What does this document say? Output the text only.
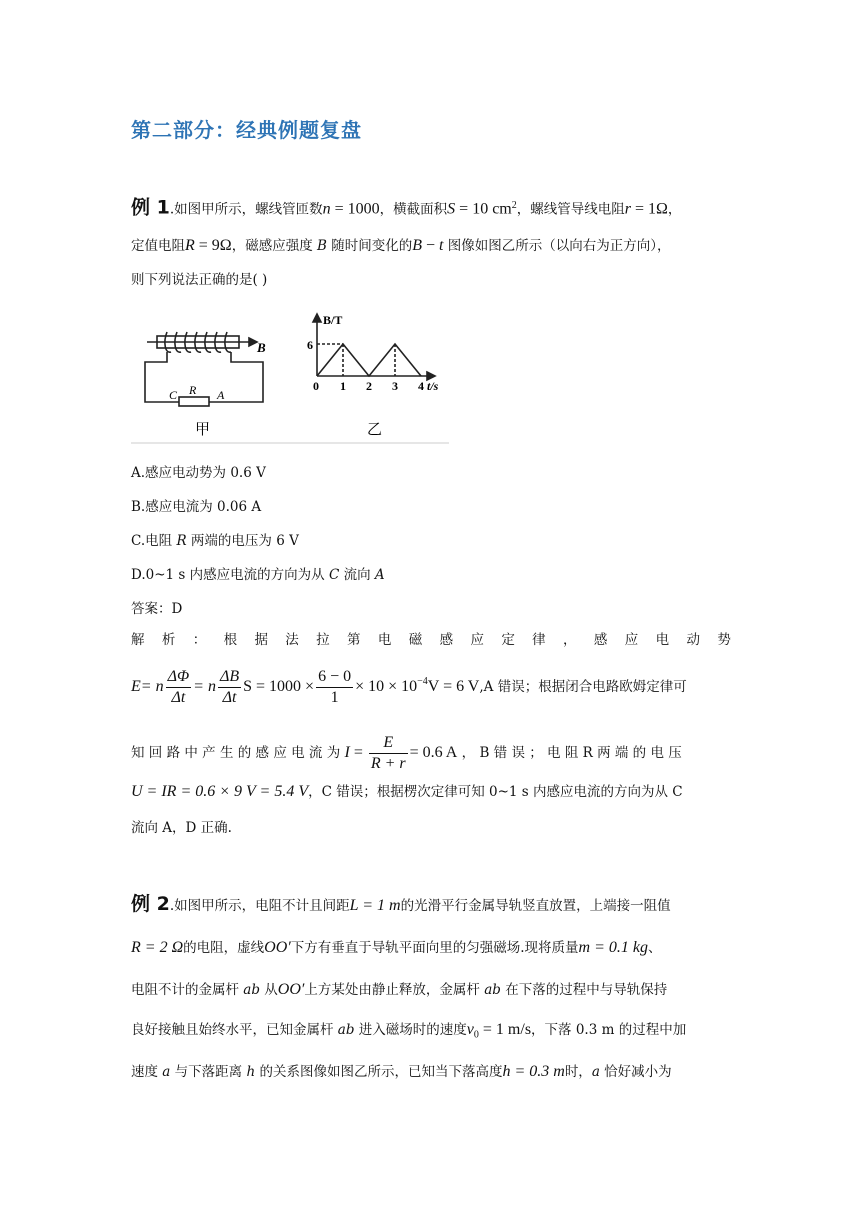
第二部分：经典例题复盘
例 1.如图甲所示，螺线管匝数n = 1000，横截面积S = 10 $cm^2$，螺线管导线电阻r = 1Ω，
定值电阻R = 9Ω，磁感应强度 B 随时间变化的B − t 图像如图乙所示（以向右为正方向），
则下列说法正确的是( )
B
R
C	A
甲
B/T
6
0 1 2 3 4 t/s
乙
A.感应电动势为 0.6 V
B.感应电流为 0.06 A
C.电阻 R 两端的电压为 6 V
D.0~1 s 内感应电流的方向为从 C 流向 A
答案：D
解 析 ： 根 据 法 拉 第 电 磁 感 应 定 律 ， 感 应 电 动 势
E = n $\frac{\Delta\Phi}{\Delta t} = n \frac{\Delta B}{\Delta t}$ $S = 1000 \times \frac{6 - 0}{1} \times 10 \times 10^{-4}$ V = 6 V ,A 错误；根据闭合电路欧姆定律可
知 回 路 中 产 生 的 感 应 电 流 为 $I = \frac{E}{R + r} = 0.6$ A ， B 错 误 ； 电 阻 R 两 端 的 电 压
U = IR = 0.6 × 9 V = 5.4 V，C 错误；根据楞次定律可知 0~1 s 内感应电流的方向为从 C
流向 A，D 正确.
例 2.如图甲所示，电阻不计且间距L = 1 m的光滑平行金属导轨竖直放置，上端接一阻值
R = 2 Ω的电阻，虚线OO′下方有垂直于导轨平面向里的匀强磁场.现将质量m = 0.1 kg、
电阻不计的金属杆 ab 从OO′上方某处由静止释放，金属杆 ab 在下落的过程中与导轨保持
良好接触且始终水平，已知金属杆 ab 进入磁场时的速度$v_0 = 1$ m/s，下落 0.3 m 的过程中加
速度 a 与下落距离 h 的关系图像如图乙所示，已知当下落高度h = 0.3 m时，a 恰好减小为
